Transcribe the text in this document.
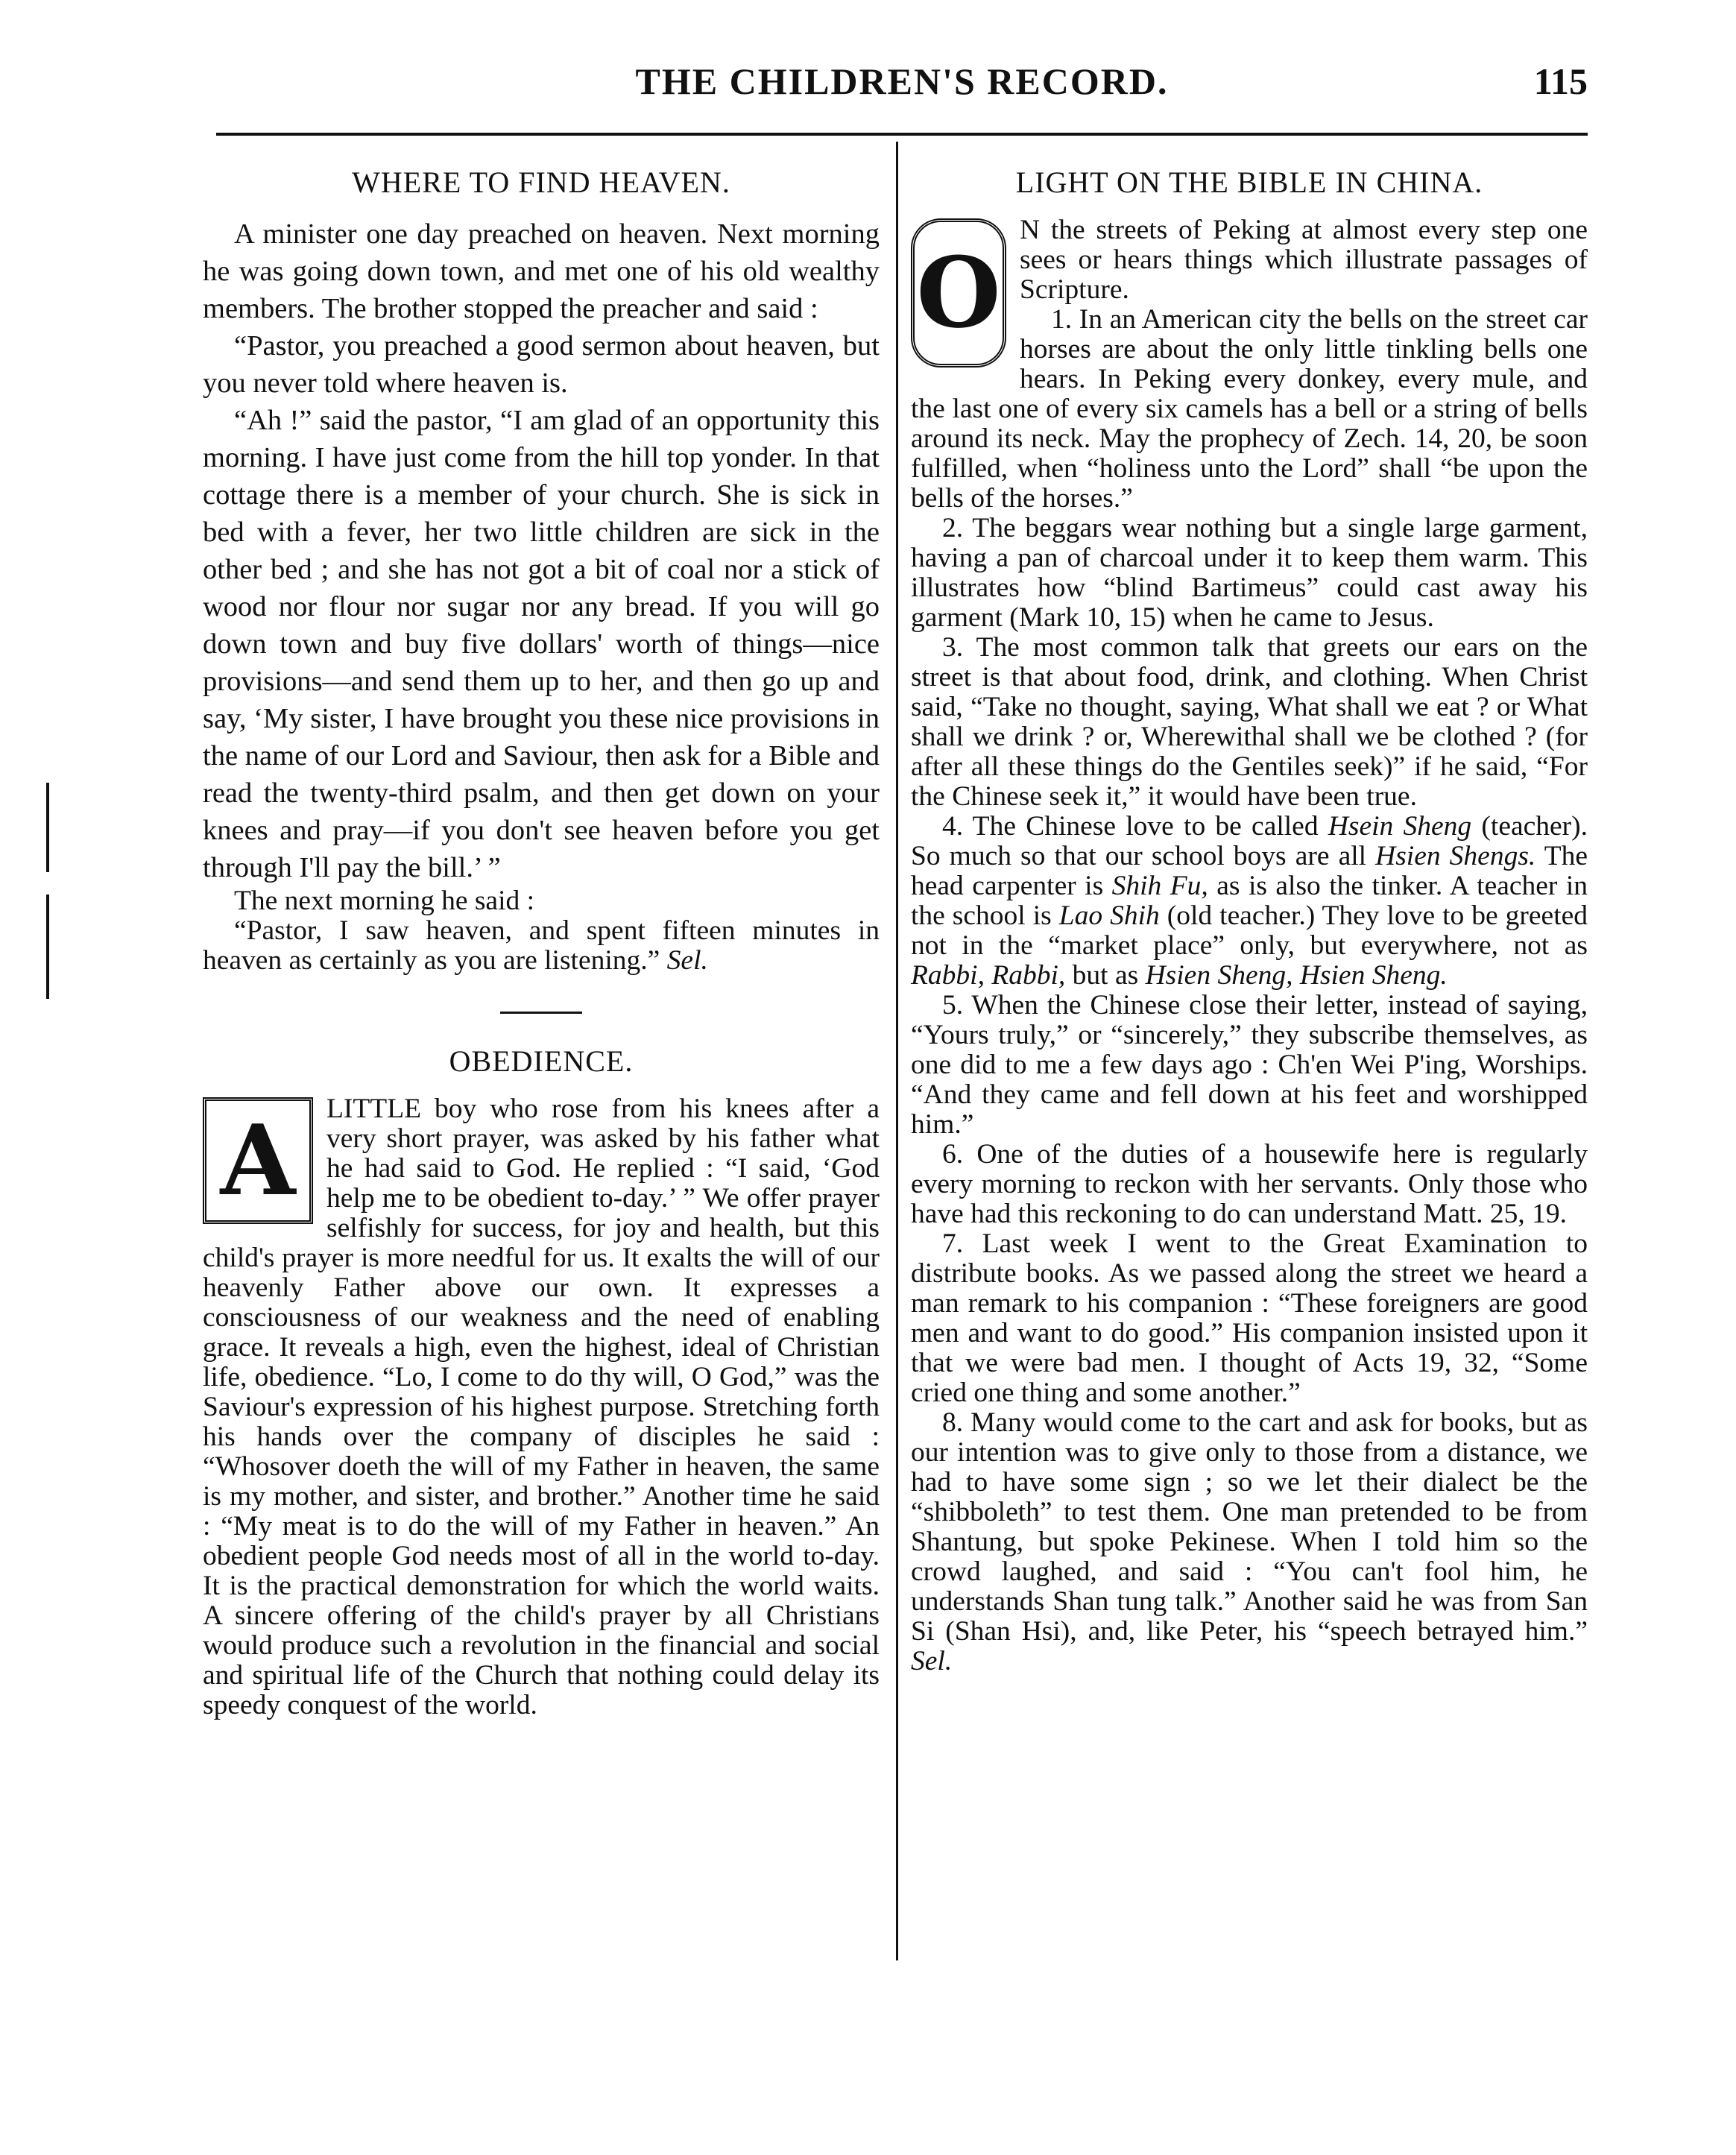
THE CHILDREN'S RECORD.	115
WHERE TO FIND HEAVEN.

A minister one day preached on heaven. Next morning he was going down town, and met one of his old wealthy members. The brother stopped the preacher and said :

“Pastor, you preached a good sermon about heaven, but you never told where heaven is.

“Ah !” said the pastor, “I am glad of an opportunity this morning. I have just come from the hill top yonder. In that cottage there is a member of your church. She is sick in bed with a fever, her two little children are sick in the other bed ; and she has not got a bit of coal nor a stick of wood nor flour nor sugar nor any bread. If you will go down town and buy five dollars' worth of things—nice provisions—and send them up to her, and then go up and say, ‘My sister, I have brought you these nice provisions in the name of our Lord and Saviour, then ask for a Bible and read the twenty-third psalm, and then get down on your knees and pray—if you don't see heaven before you get through I'll pay the bill.’ ”

The next morning he said :

“Pastor, I saw heaven, and spent fifteen minutes in heaven as certainly as you are listening.” Sel.

OBEDIENCE.

A	LITTLE boy who rose from his knees after a very short prayer, was asked by his father what he had said to God. He replied : “I said, ‘God help me to be obedient to-day.’ ” We offer prayer selfishly for success, for joy and health, but this child's prayer is more needful for us. It exalts the will of our heavenly Father above our own. It expresses a consciousness of our weakness and the need of enabling grace. It reveals a high, even the highest, ideal of Christian life, obedience. “Lo, I come to do thy will, O God,” was the Saviour's expression of his highest purpose. Stretching forth his hands over the company of disciples he said : “Whosover doeth the will of my Father in heaven, the same is my mother, and sister, and brother.” Another time he said : “My meat is to do the will of my Father in heaven.” An obedient people God needs most of all in the world to-day. It is the practical demonstration for which the world waits. A sincere offering of the child's prayer by all Christians would produce such a revolution in the financial and social and spiritual life of the Church that nothing could delay its speedy conquest of the world.

LIGHT ON THE BIBLE IN CHINA.

O
N the streets of Peking at almost every step one sees or hears things which illustrate passages of Scripture.

1. In an American city the bells on the street car horses are about the only little tinkling bells one hears. In Peking every donkey, every mule, and the last one of every six camels has a bell or a string of bells around its neck. May the prophecy of Zech. 14, 20, be soon fulfilled, when “holiness unto the Lord” shall “be upon the bells of the horses.”

2. The beggars wear nothing but a single large garment, having a pan of charcoal under it to keep them warm. This illustrates how “blind Bartimeus” could cast away his garment (Mark 10, 15) when he came to Jesus.

3. The most common talk that greets our ears on the street is that about food, drink, and clothing. When Christ said, “Take no thought, saying, What shall we eat ? or What shall we drink ? or, Wherewithal shall we be clothed ? (for after all these things do the Gentiles seek)” if he said, “For the Chinese seek it,” it would have been true.

4. The Chinese love to be called Hsein Sheng (teacher). So much so that our school boys are all Hsien Shengs. The head carpenter is Shih Fu, as is also the tinker. A teacher in the school is Lao Shih (old teacher.) They love to be greeted not in the “market place” only, but everywhere, not as Rabbi, Rabbi, but as Hsien Sheng, Hsien Sheng.

5. When the Chinese close their letter, instead of saying, “Yours truly,” or “sincerely,” they subscribe themselves, as one did to me a few days ago : Ch'en Wei P'ing, Worships. “And they came and fell down at his feet and worshipped him.”

6. One of the duties of a housewife here is regularly every morning to reckon with her servants. Only those who have had this reckoning to do can understand Matt. 25, 19.

7. Last week I went to the Great Examination to distribute books. As we passed along the street we heard a man remark to his companion : “These foreigners are good men and want to do good.” His companion insisted upon it that we were bad men. I thought of Acts 19, 32, “Some cried one thing and some another.”

8. Many would come to the cart and ask for books, but as our intention was to give only to those from a distance, we had to have some sign ; so we let their dialect be the “shibboleth” to test them. One man pretended to be from Shantung, but spoke Pekinese. When I told him so the crowd laughed, and said : “You can't fool him, he understands Shan tung talk.” Another said he was from San Si (Shan Hsi), and, like Peter, his “speech betrayed him.” Sel.
